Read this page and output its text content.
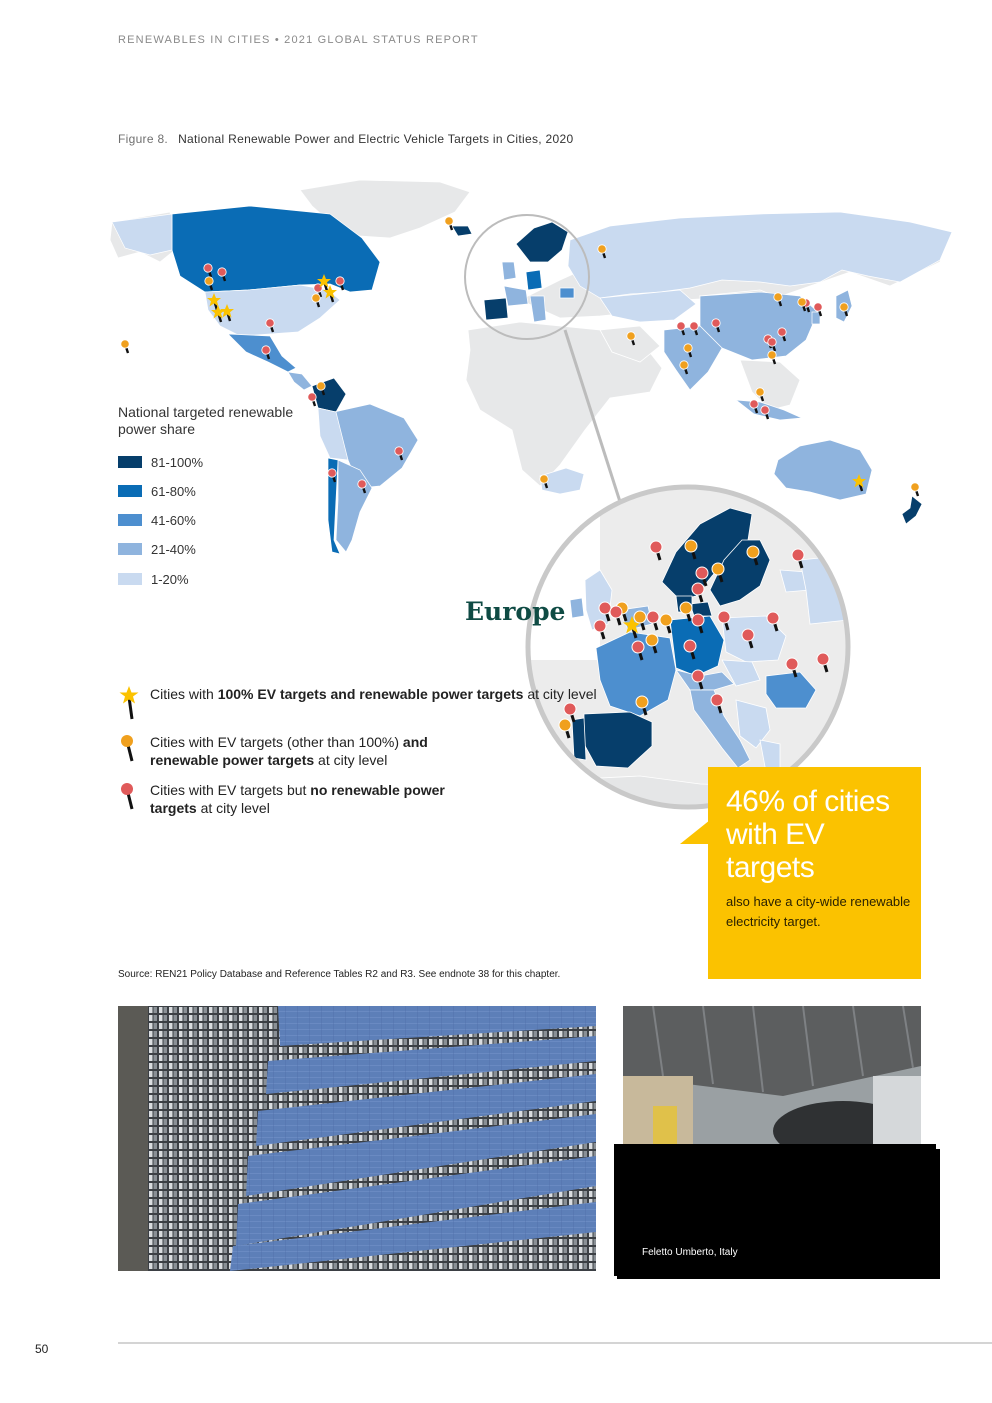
RENEWABLES IN CITIES • 2021 GLOBAL STATUS REPORT
Figure 8. National Renewable Power and Electric Vehicle Targets in Cities, 2020
National targeted renewable power share
81-100%
61-80%
41-60%
21-40%
1-20%
Europe
Cities with 100% EV targets and renewable power targets at city level
Cities with EV targets (other than 100%) and renewable power targets at city level
Cities with EV targets but no renewable power targets at city level	46% of cities with EV targets
also have a city-wide renewable electricity target.
Source: REN21 Policy Database and Reference Tables R2 and R3. See endnote 38 for this chapter.
Feletto Umberto, Italy
50
